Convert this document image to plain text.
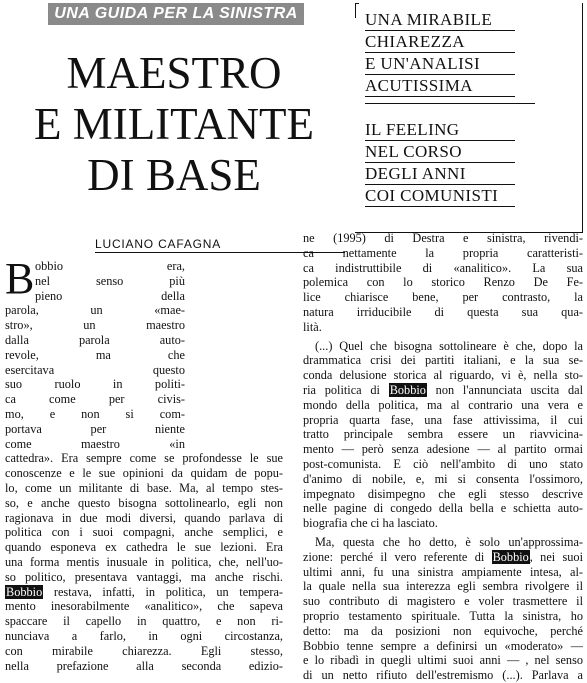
UNA GUIDA PER LA SINISTRA
MAESTRO
E MILITANTE
DI BASE
UNA MIRABILE
CHIAREZZA
E UN'ANALISI
ACUTISSIMA
IL FEELING
NEL CORSO
DEGLI ANNI
COI COMUNISTI
LUCIANO CAFAGNA
B obbio era,
nel senso più
pieno della
parola, un «mae-
stro», un maestro
dalla parola auto-
revole, ma che
esercitava questo
suo ruolo in politi-
ca come per civis-
mo, e non si com-
portava per niente
come maestro «in
cattedra». Era sempre come se profondesse le sue
conoscenze e le sue opinioni da quidam de popu-
lo, come un militante di base. Ma, al tempo stes-
so, e anche questo bisogna sottolinearlo, egli non
ragionava in due modi diversi, quando parlava di
politica con i suoi compagni, anche semplici, e
quando esponeva ex cathedra le sue lezioni. Era
una forma mentis inusuale in politica, che, nell'uo-
so politico, presentava vantaggi, ma anche rischi.
Bobbio restava, infatti, in politica, un tempera-
mento inesorabilmente «analitico», che sapeva
spaccare il capello in quattro, e non ri-
nunciava a farlo, in ogni circostanza,
con mirabile chiarezza. Egli stesso,
nella prefazione alla seconda edizio-
ne (1995) di Destra e sinistra, rivendi-
ca nettamente la propria caratteristi-
ca indistruttibile di «analitico». La sua
polemica con lo storico Renzo De Fe-
lice chiarisce bene, per contrasto, la
natura irriducibile di questa sua qua-
lità.
(...) Quel che bisogna sottolineare è che, dopo la
drammatica crisi dei partiti italiani, e la sua se-
conda delusione storica al riguardo, vi è, nella sto-
ria politica di Bobbio non l'annunciata uscita dal
mondo della politica, ma al contrario una vera e
propria quarta fase, una fase attivissima, il cui
tratto principale sembra essere un riavvicina-
mento — però senza adesione — al partito ormai
post-comunista. E ciò nell'ambito di uno stato
d'animo di nobile, e, mi si consenta l'ossimoro,
impegnato disimpegno che egli stesso descrive
nelle pagine di congedo della bella e schietta auto-
biografia che ci ha lasciato.
Ma, questa che ho detto, è solo un'approssima-
zione: perché il vero referente di Bobbio, nei suoi
ultimi anni, fu una sinistra ampiamente intesa, al-
la quale nella sua interezza egli sembra rivolgere il
suo contributo di magistero e voler trasmettere il
proprio testamento spirituale. Tutta la sinistra, ho
detto: ma da posizioni non equivoche, perché
Bobbio tenne sempre a definirsi un «moderato» —
e lo ribadì in quegli ultimi suoi anni — , nel senso
di un netto rifiuto dell'estremismo (...). Parlava a
